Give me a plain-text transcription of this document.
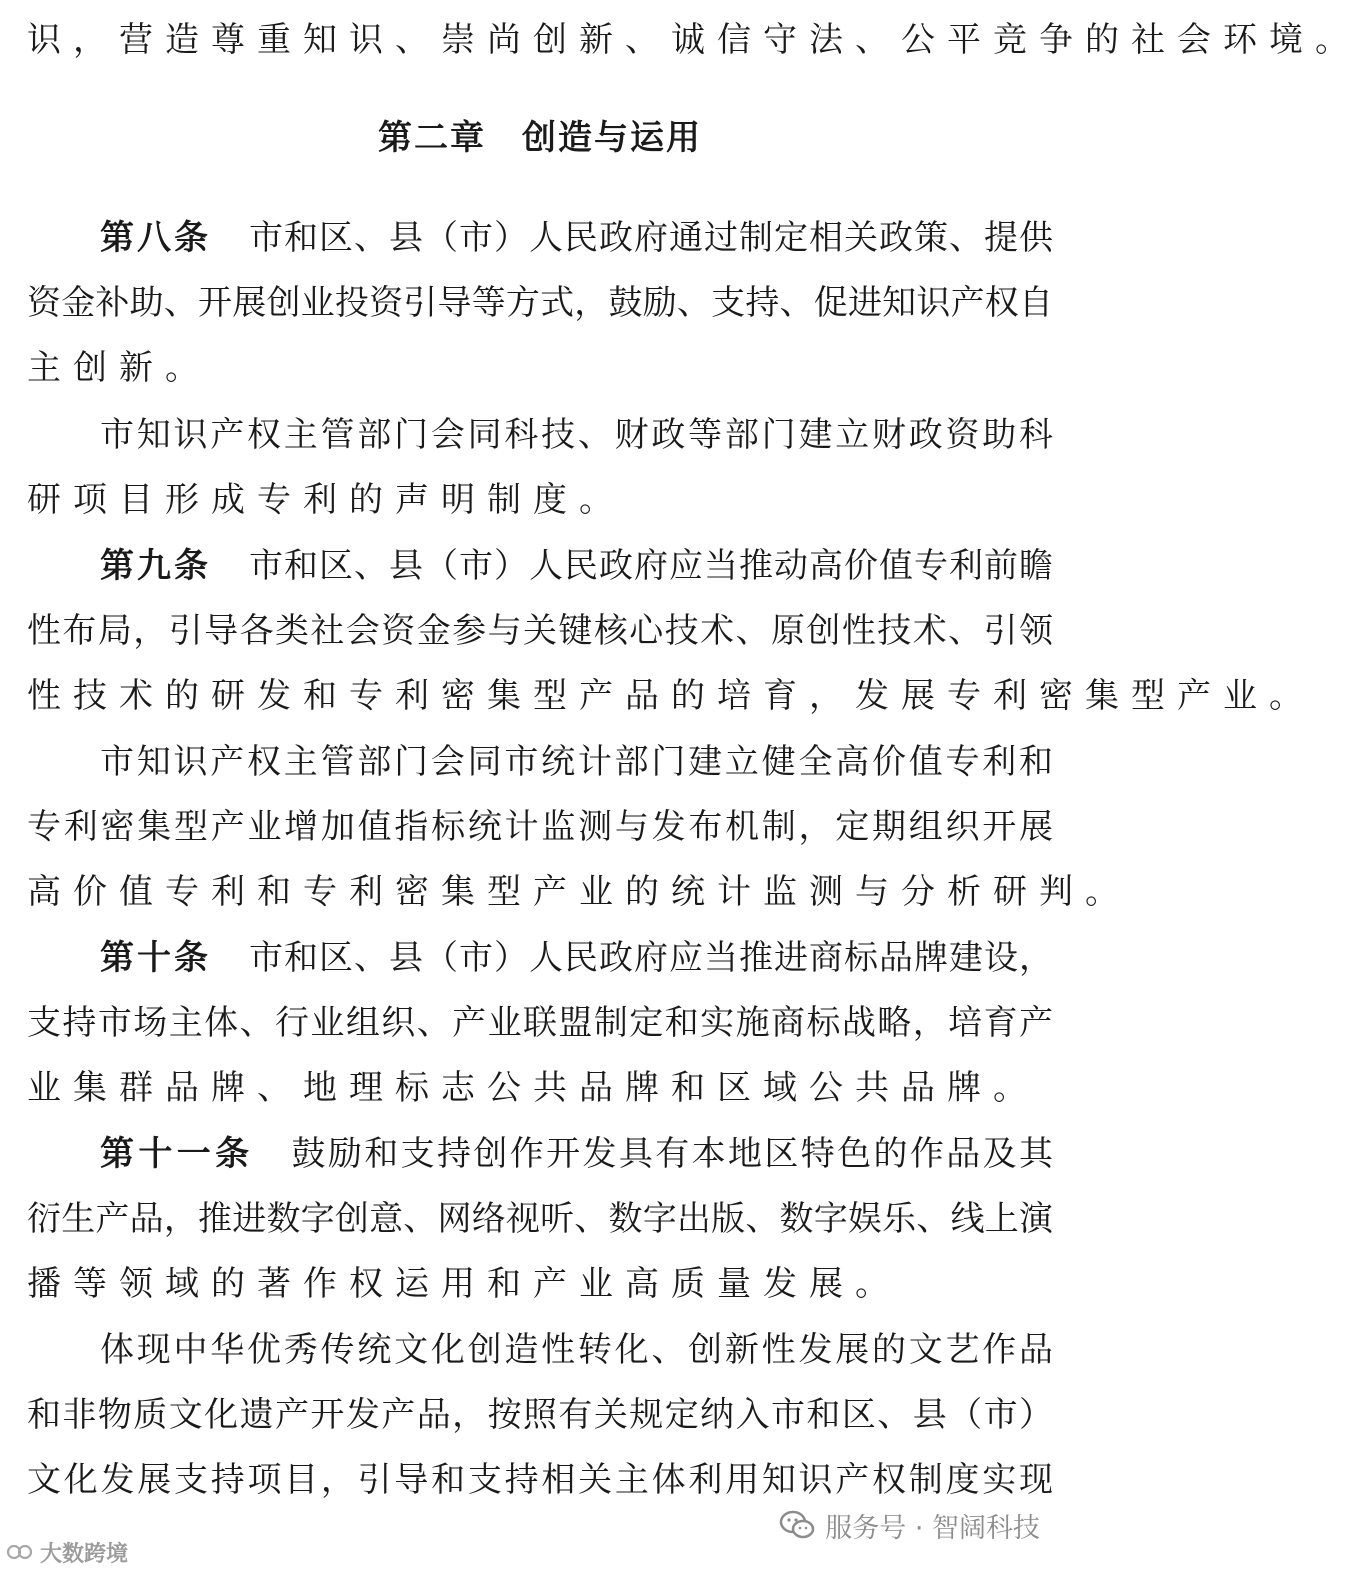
识，营造尊重知识、崇尚创新、诚信守法、公平竞争的社会环境。
第二章　创造与运用
第八条 市和区、县（市）人民政府通过制定相关政策、提供
资金补助、开展创业投资引导等方式，鼓励、支持、促进知识产权自
主创新。
市知识产权主管部门会同科技、财政等部门建立财政资助科
研项目形成专利的声明制度。
第九条 市和区、县（市）人民政府应当推动高价值专利前瞻
性布局，引导各类社会资金参与关键核心技术、原创性技术、引领
性技术的研发和专利密集型产品的培育，发展专利密集型产业。
市知识产权主管部门会同市统计部门建立健全高价值专利和
专利密集型产业增加值指标统计监测与发布机制，定期组织开展
高价值专利和专利密集型产业的统计监测与分析研判。
第十条 市和区、县（市）人民政府应当推进商标品牌建设，
支持市场主体、行业组织、产业联盟制定和实施商标战略，培育产
业集群品牌、地理标志公共品牌和区域公共品牌。
第十一条 鼓励和支持创作开发具有本地区特色的作品及其
衍生产品，推进数字创意、网络视听、数字出版、数字娱乐、线上演
播等领域的著作权运用和产业高质量发展。
体现中华优秀传统文化创造性转化、创新性发展的文艺作品
和非物质文化遗产开发产品，按照有关规定纳入市和区、县（市）
文化发展支持项目，引导和支持相关主体利用知识产权制度实现
服务号 · 智阔科技
大数跨境
